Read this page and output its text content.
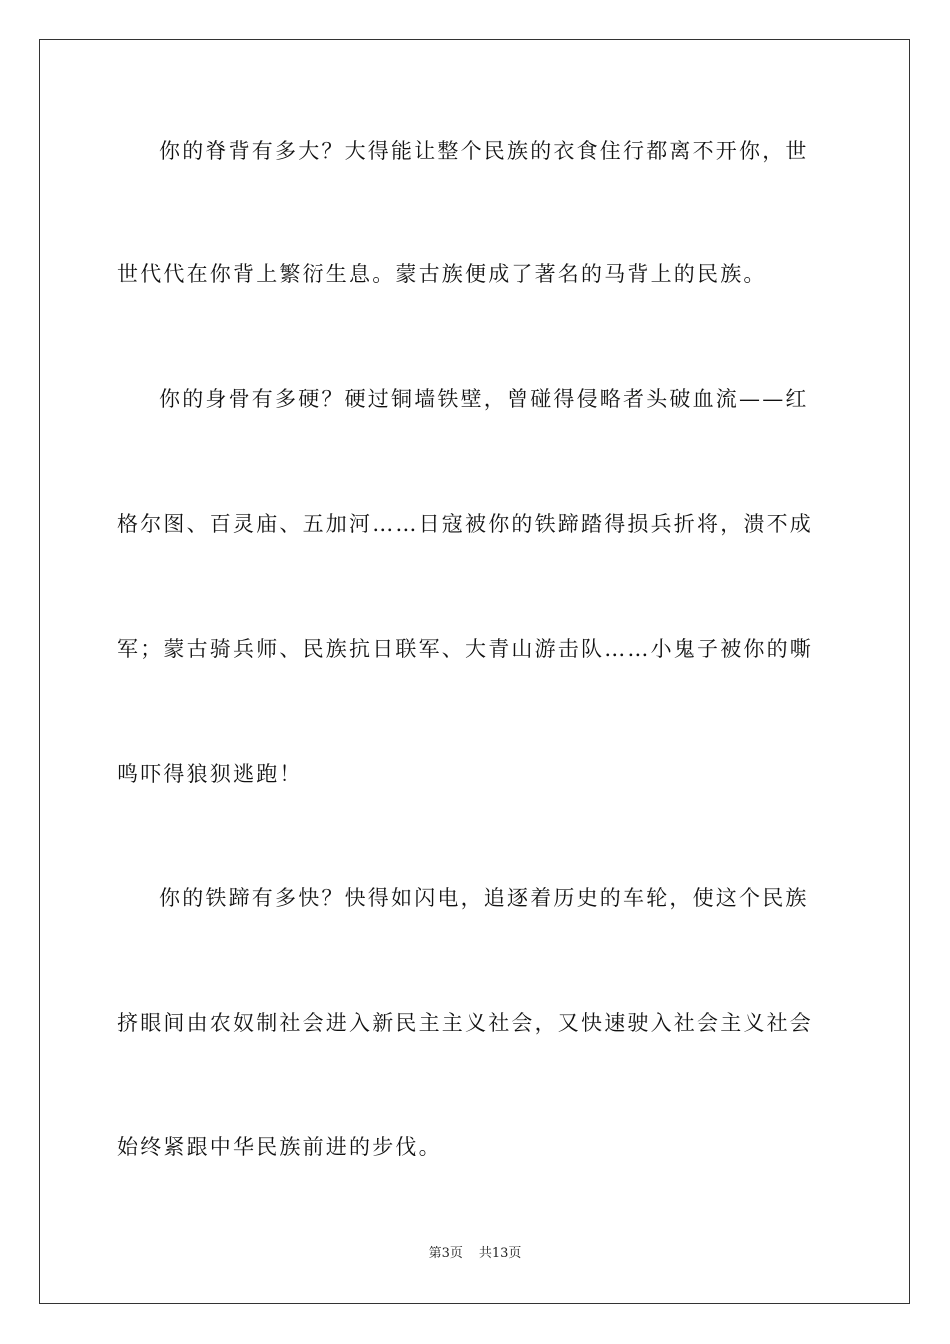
你的脊背有多大？大得能让整个民族的衣食住行都离不开你，世
世代代在你背上繁衍生息。蒙古族便成了著名的马背上的民族。
你的身骨有多硬？硬过铜墙铁壁，曾碰得侵略者头破血流——红
格尔图、百灵庙、五加河……日寇被你的铁蹄踏得损兵折将，溃不成
军；蒙古骑兵师、民族抗日联军、大青山游击队……小鬼子被你的嘶
鸣吓得狼狈逃跑！
你的铁蹄有多快？快得如闪电，追逐着历史的车轮，使这个民族
挤眼间由农奴制社会进入新民主主义社会，又快速驶入社会主义社会
始终紧跟中华民族前进的步伐。
第3页 共13页
